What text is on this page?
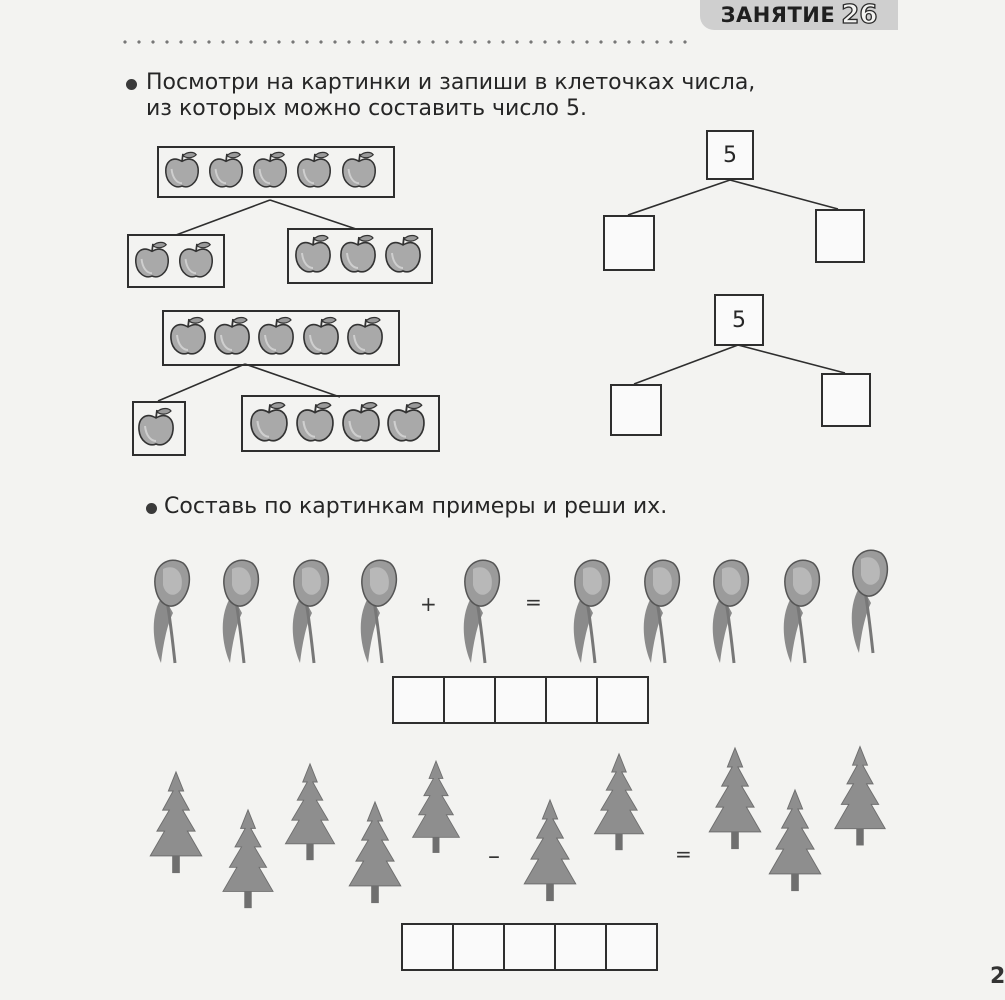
ЗАНЯТИЕ 26
Посмотри на картинки и запиши в клеточках числа,
из которых можно составить число 5.
5
5
Составь по картинкам примеры и реши их.
+	=
–	=
2
